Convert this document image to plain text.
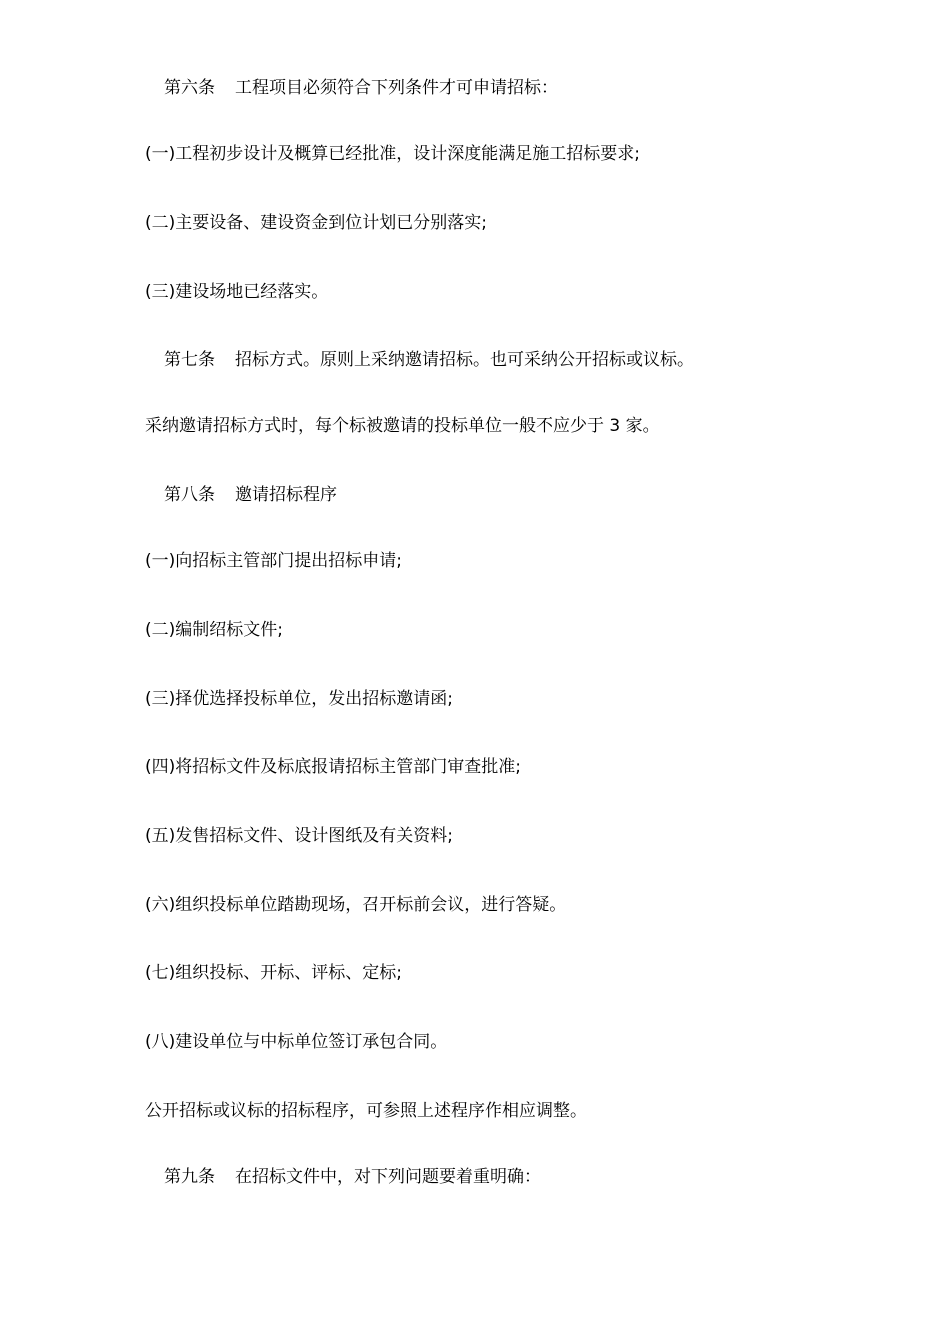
第六条 工程项目必须符合下列条件才可申请招标：
(一)工程初步设计及概算已经批准，设计深度能满足施工招标要求;
(二)主要设备、建设资金到位计划已分别落实;
(三)建设场地已经落实。
第七条 招标方式。原则上采纳邀请招标。也可采纳公开招标或议标。
采纳邀请招标方式时，每个标被邀请的投标单位一般不应少于 3 家。
第八条 邀请招标程序
(一)向招标主管部门提出招标申请;
(二)编制绍标文件;
(三)择优选择投标单位，发出招标邀请函;
(四)将招标文件及标底报请招标主管部门审查批准;
(五)发售招标文件、设计图纸及有关资料;
(六)组织投标单位踏勘现场，召开标前会议，进行答疑。
(七)组织投标、开标、评标、定标;
(八)建设单位与中标单位签订承包合同。
公开招标或议标的招标程序，可参照上述程序作相应调整。
第九条 在招标文件中，对下列问题要着重明确：
